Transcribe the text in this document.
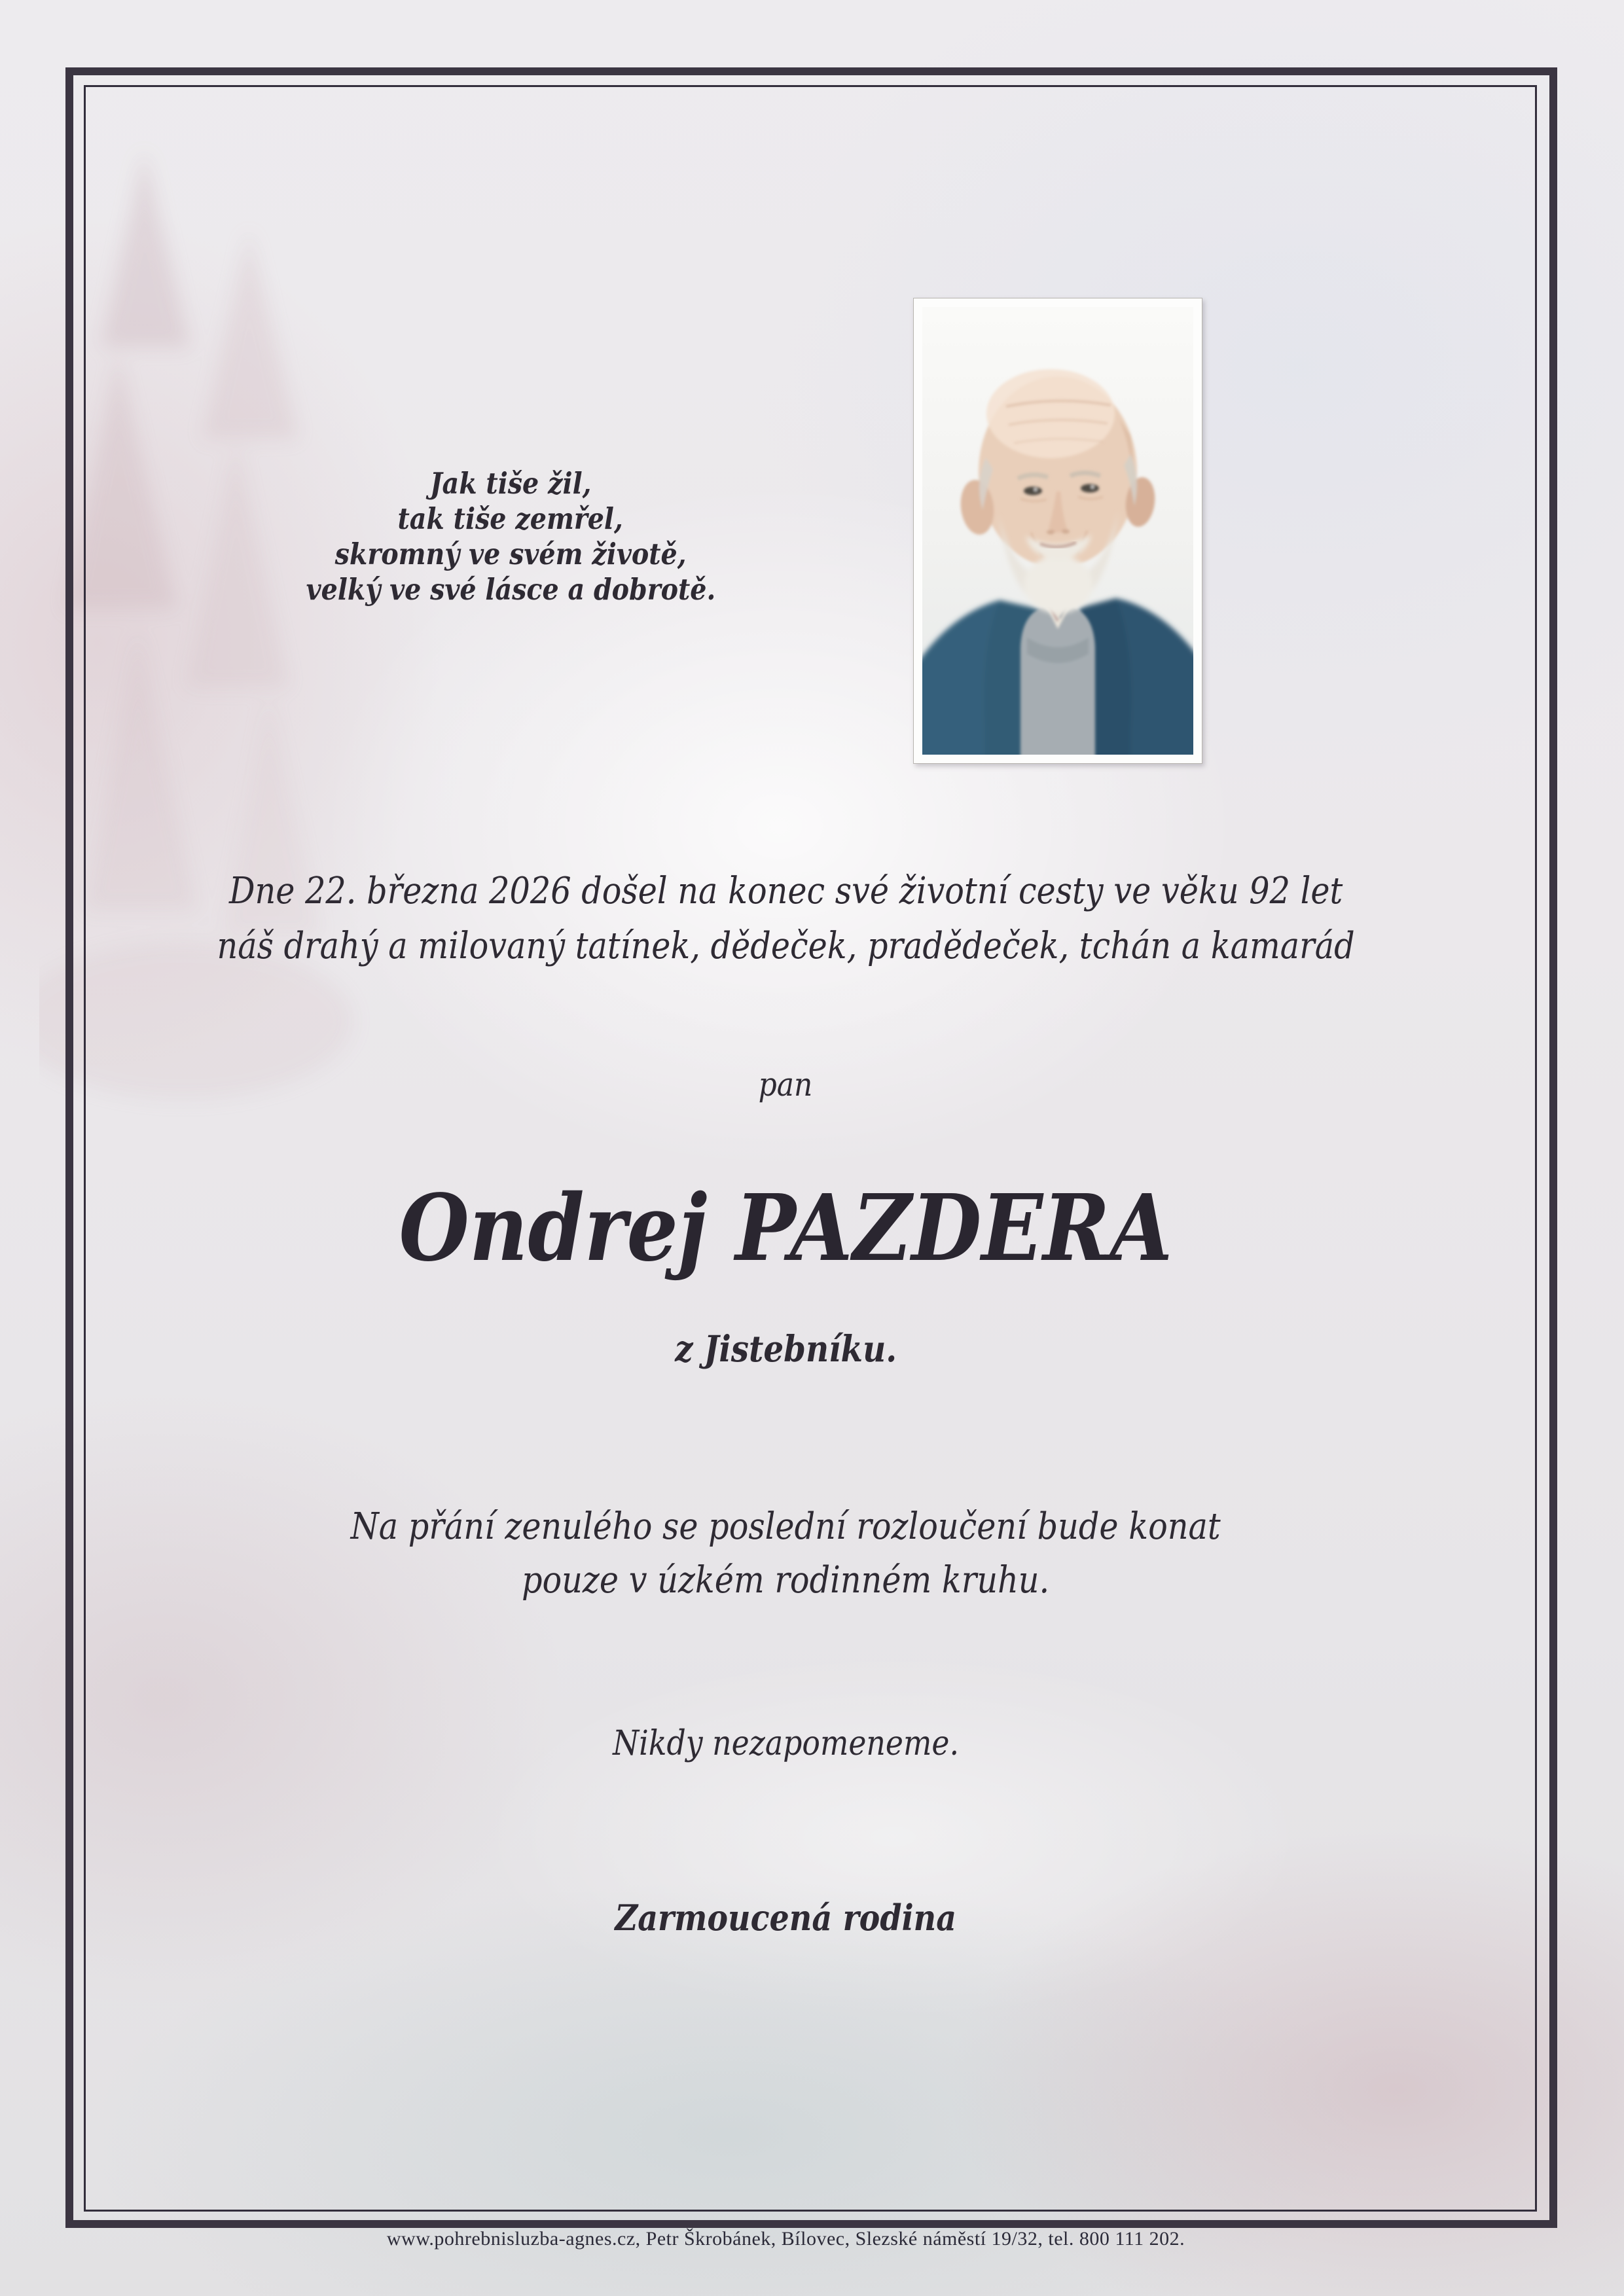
Jak tiše žil,
tak tiše zemřel,
skromný ve svém životě,
velký ve své lásce a dobrotě.
Dne 22. března 2026 došel na konec své životní cesty ve věku 92 let
náš drahý a milovaný tatínek, dědeček, pradědeček, tchán a kamarád
pan
Ondrej PAZDERA
z Jistebníku.
Na přání zenulého se poslední rozloučení bude konat
pouze v úzkém rodinném kruhu.
Nikdy nezapomeneme.
Zarmoucená rodina
www.pohrebnisluzba-agnes.cz, Petr Škrobánek, Bílovec, Slezské náměstí 19/32, tel. 800 111 202.
